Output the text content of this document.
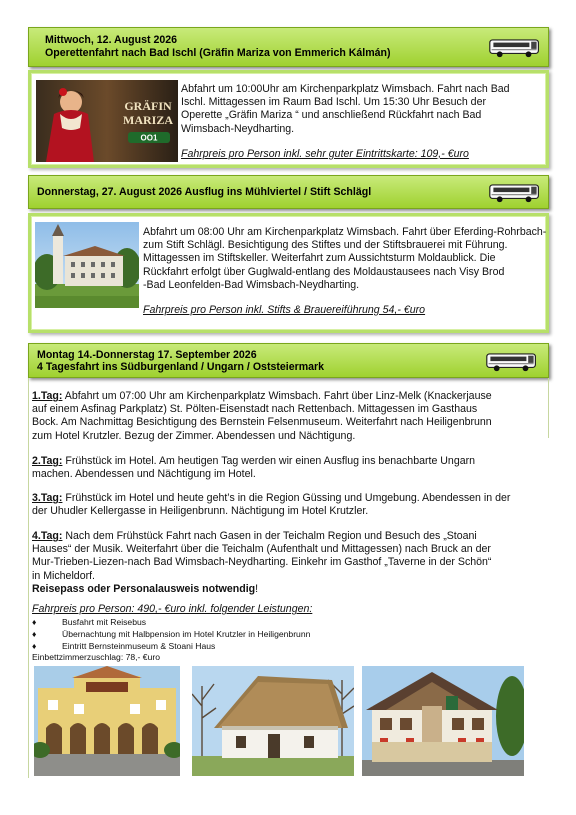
Mittwoch, 12. August 2026
Operettenfahrt nach Bad Ischl (Gräfin Mariza von Emmerich Kálmán)
GRÄFIN
MARIZA
OO1
Abfahrt um 10:00Uhr am Kirchenparkplatz Wimsbach. Fahrt nach Bad
Ischl. Mittagessen im Raum Bad Ischl. Um 15:30 Uhr Besuch der
Operette „Gräfin Mariza “ und anschließend Rückfahrt nach Bad
Wimsbach-Neydharting.
Fahrpreis pro Person inkl. sehr guter Eintrittskarte: 109,- €uro
Donnerstag, 27. August 2026 Ausflug ins Mühlviertel / Stift Schlägl
Abfahrt um 08:00 Uhr am Kirchenparkplatz Wimsbach. Fahrt über Eferding-Rohrbach-
zum Stift Schlägl. Besichtigung des Stiftes und der Stiftsbrauerei mit Führung.
Mittagessen im Stiftskeller. Weiterfahrt zum Aussichtsturm Moldaublick. Die
Rückfahrt erfolgt über Guglwald-entlang des Moldaustausees nach Visy Brod
-Bad Leonfelden-Bad Wimsbach-Neydharting.
Fahrpreis pro Person inkl. Stifts & Brauereiführung 54,- €uro
Montag 14.-Donnerstag 17. September 2026
4 Tagesfahrt ins Südburgenland / Ungarn / Oststeiermark
1.Tag: Abfahrt um 07:00 Uhr am Kirchenparkplatz Wimsbach. Fahrt über Linz-Melk (Knackerjause
auf einem Asfinag Parkplatz) St. Pölten-Eisenstadt nach Rettenbach. Mittagessen im Gasthaus
Bock. Am Nachmittag Besichtigung des Bernstein Felsenmuseum. Weiterfahrt nach Heiligenbrunn
zum Hotel Krutzler. Bezug der Zimmer. Abendessen und Nächtigung.
2.Tag: Frühstück im Hotel. Am heutigen Tag werden wir einen Ausflug ins benachbarte Ungarn
machen. Abendessen und Nächtigung im Hotel.
3.Tag: Frühstück im Hotel und heute geht’s in die Region Güssing und Umgebung. Abendessen in der
der Uhudler Kellergasse in Heiligenbrunn. Nächtigung im Hotel Krutzler.
4.Tag: Nach dem Frühstück Fahrt nach Gasen in der Teichalm Region und Besuch des „Stoani
Hauses“ der Musik. Weiterfahrt über die Teichalm (Aufenthalt und Mittagessen) nach Bruck an der
Mur-Trieben-Liezen-nach Bad Wimsbach-Neydharting. Einkehr im Gasthof „Taverne in der Schön“
in Micheldorf.
Reisepass oder Personalausweis notwendig!
Fahrpreis pro Person: 490,- €uro inkl. folgender Leistungen:
♦	Busfahrt mit Reisebus
♦	Übernachtung mit Halbpension im Hotel Krutzler in Heiligenbrunn
♦	Eintritt Bernsteinmuseum & Stoani Haus
Einbettzimmerzuschlag: 78,- €uro
